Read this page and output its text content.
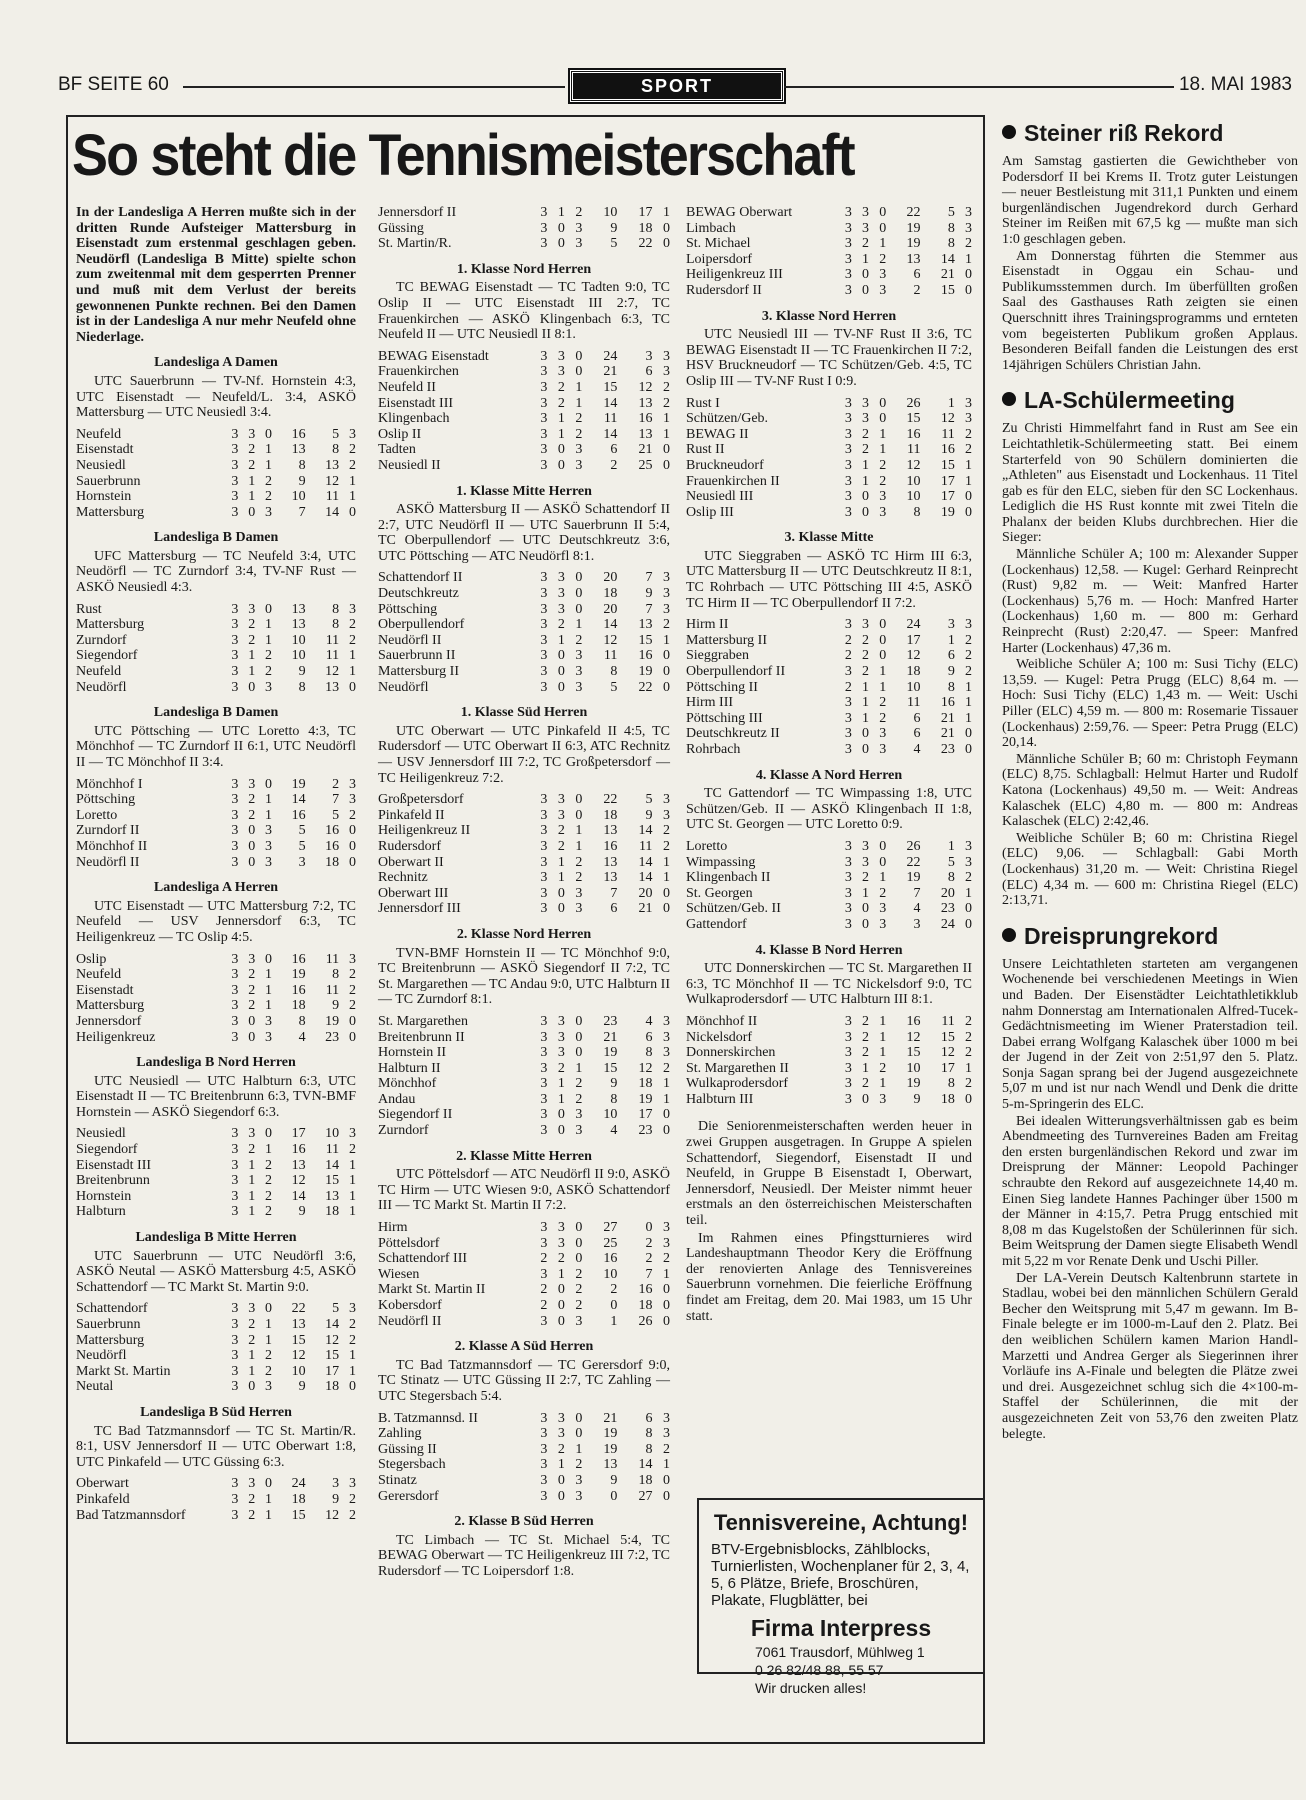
BF SEITE 60	SPORT	18. MAI 1983
So steht die Tennismeisterschaft

In der Landesliga A Herren mußte sich in der dritten Runde Aufsteiger Mattersburg in Eisenstadt zum erstenmal geschlagen geben. Neudörfl (Landesliga B Mitte) spielte schon zum zweitenmal mit dem gesperrten Prenner und muß mit dem Verlust der bereits gewonnenen Punkte rechnen. Bei den Damen ist in der Landesliga A nur mehr Neufeld ohne Niederlage.

Landesliga A Damen

UTC Sauerbrunn — TV-Nf. Hornstein 4:3, UTC Eisenstadt — Neufeld/L. 3:4, ASKÖ Mattersburg — UTC Neusiedl 3:4.

Neufeld	3	3	0	16	5	3
Eisenstadt	3	2	1	13	8	2
Neusiedl	3	2	1	8	13	2
Sauerbrunn	3	1	2	9	12	1
Hornstein	3	1	2	10	11	1
Mattersburg	3	0	3	7	14	0
Landesliga B Damen

UFC Mattersburg — TC Neufeld 3:4, UTC Neudörfl — TC Zurndorf 3:4, TV-NF Rust — ASKÖ Neusiedl 4:3.

Rust	3	3	0	13	8	3
Mattersburg	3	2	1	13	8	2
Zurndorf	3	2	1	10	11	2
Siegendorf	3	1	2	10	11	1
Neufeld	3	1	2	9	12	1
Neudörfl	3	0	3	8	13	0
Landesliga B Damen

UTC Pöttsching — UTC Loretto 4:3, TC Mönchhof — TC Zurndorf II 6:1, UTC Neudörfl II — TC Mönchhof II 3:4.

Mönchhof I	3	3	0	19	2	3
Pöttsching	3	2	1	14	7	3
Loretto	3	2	1	16	5	2
Zurndorf II	3	0	3	5	16	0
Mönchhof II	3	0	3	5	16	0
Neudörfl II	3	0	3	3	18	0
Landesliga A Herren

UTC Eisenstadt — UTC Mattersburg 7:2, TC Neufeld — USV Jennersdorf 6:3, TC Heiligenkreuz — TC Oslip 4:5.

Oslip	3	3	0	16	11	3
Neufeld	3	2	1	19	8	2
Eisenstadt	3	2	1	16	11	2
Mattersburg	3	2	1	18	9	2
Jennersdorf	3	0	3	8	19	0
Heiligenkreuz	3	0	3	4	23	0
Landesliga B Nord Herren

UTC Neusiedl — UTC Halbturn 6:3, UTC Eisenstadt II — TC Breitenbrunn 6:3, TVN-BMF Hornstein — ASKÖ Siegendorf 6:3.

Neusiedl	3	3	0	17	10	3
Siegendorf	3	2	1	16	11	2
Eisenstadt III	3	1	2	13	14	1
Breitenbrunn	3	1	2	12	15	1
Hornstein	3	1	2	14	13	1
Halbturn	3	1	2	9	18	1
Landesliga B Mitte Herren

UTC Sauerbrunn — UTC Neudörfl 3:6, ASKÖ Neutal — ASKÖ Mattersburg 4:5, ASKÖ Schattendorf — TC Markt St. Martin 9:0.

Schattendorf	3	3	0	22	5	3
Sauerbrunn	3	2	1	13	14	2
Mattersburg	3	2	1	15	12	2
Neudörfl	3	1	2	12	15	1
Markt St. Martin	3	1	2	10	17	1
Neutal	3	0	3	9	18	0
Landesliga B Süd Herren

TC Bad Tatzmannsdorf — TC St. Martin/R. 8:1, USV Jennersdorf II — UTC Oberwart 1:8, UTC Pinkafeld — UTC Güssing 6:3.

Oberwart	3	3	0	24	3	3
Pinkafeld	3	2	1	18	9	2
Bad Tatzmannsdorf	3	2	1	15	12	2
Jennersdorf II	3	1	2	10	17	1
Güssing	3	0	3	9	18	0
St. Martin/R.	3	0	3	5	22	0
1. Klasse Nord Herren

TC BEWAG Eisenstadt — TC Tadten 9:0, TC Oslip II — UTC Eisenstadt III 2:7, TC Frauenkirchen — ASKÖ Klingenbach 6:3, TC Neufeld II — UTC Neusiedl II 8:1.

BEWAG Eisenstadt	3	3	0	24	3	3
Frauenkirchen	3	3	0	21	6	3
Neufeld II	3	2	1	15	12	2
Eisenstadt III	3	2	1	14	13	2
Klingenbach	3	1	2	11	16	1
Oslip II	3	1	2	14	13	1
Tadten	3	0	3	6	21	0
Neusiedl II	3	0	3	2	25	0
1. Klasse Mitte Herren

ASKÖ Mattersburg II — ASKÖ Schattendorf II 2:7, UTC Neudörfl II — UTC Sauerbrunn II 5:4, TC Oberpullendorf — UTC Deutschkreutz 3:6, UTC Pöttsching — ATC Neudörfl 8:1.

Schattendorf II	3	3	0	20	7	3
Deutschkreutz	3	3	0	18	9	3
Pöttsching	3	3	0	20	7	3
Oberpullendorf	3	2	1	14	13	2
Neudörfl II	3	1	2	12	15	1
Sauerbrunn II	3	0	3	11	16	0
Mattersburg II	3	0	3	8	19	0
Neudörfl	3	0	3	5	22	0
1. Klasse Süd Herren

UTC Oberwart — UTC Pinkafeld II 4:5, TC Rudersdorf — UTC Oberwart II 6:3, ATC Rechnitz — USV Jennersdorf III 7:2, TC Großpetersdorf — TC Heiligenkreuz 7:2.

Großpetersdorf	3	3	0	22	5	3
Pinkafeld II	3	3	0	18	9	3
Heiligenkreuz II	3	2	1	13	14	2
Rudersdorf	3	2	1	16	11	2
Oberwart II	3	1	2	13	14	1
Rechnitz	3	1	2	13	14	1
Oberwart III	3	0	3	7	20	0
Jennersdorf III	3	0	3	6	21	0
2. Klasse Nord Herren

TVN-BMF Hornstein II — TC Mönchhof 9:0, TC Breitenbrunn — ASKÖ Siegendorf II 7:2, TC St. Margarethen — TC Andau 9:0, UTC Halbturn II — TC Zurndorf 8:1.

St. Margarethen	3	3	0	23	4	3
Breitenbrunn II	3	3	0	21	6	3
Hornstein II	3	3	0	19	8	3
Halbturn II	3	2	1	15	12	2
Mönchhof	3	1	2	9	18	1
Andau	3	1	2	8	19	1
Siegendorf II	3	0	3	10	17	0
Zurndorf	3	0	3	4	23	0
2. Klasse Mitte Herren

UTC Pöttelsdorf — ATC Neudörfl II 9:0, ASKÖ TC Hirm — UTC Wiesen 9:0, ASKÖ Schattendorf III — TC Markt St. Martin II 7:2.

Hirm	3	3	0	27	0	3
Pöttelsdorf	3	3	0	25	2	3
Schattendorf III	2	2	0	16	2	2
Wiesen	3	1	2	10	7	1
Markt St. Martin II	2	0	2	2	16	0
Kobersdorf	2	0	2	0	18	0
Neudörfl II	3	0	3	1	26	0
2. Klasse A Süd Herren

TC Bad Tatzmannsdorf — TC Gerersdorf 9:0, TC Stinatz — UTC Güssing II 2:7, TC Zahling — UTC Stegersbach 5:4.

B. Tatzmannsd. II	3	3	0	21	6	3
Zahling	3	3	0	19	8	3
Güssing II	3	2	1	19	8	2
Stegersbach	3	1	2	13	14	1
Stinatz	3	0	3	9	18	0
Gerersdorf	3	0	3	0	27	0
2. Klasse B Süd Herren

TC Limbach — TC St. Michael 5:4, TC BEWAG Oberwart — TC Heiligenkreuz III 7:2, TC Rudersdorf — TC Loipersdorf 1:8.

BEWAG Oberwart	3	3	0	22	5	3
Limbach	3	3	0	19	8	3
St. Michael	3	2	1	19	8	2
Loipersdorf	3	1	2	13	14	1
Heiligenkreuz III	3	0	3	6	21	0
Rudersdorf II	3	0	3	2	15	0
3. Klasse Nord Herren

UTC Neusiedl III — TV-NF Rust II 3:6, TC BEWAG Eisenstadt II — TC Frauenkirchen II 7:2, HSV Bruckneudorf — TC Schützen/Geb. 4:5, TC Oslip III — TV-NF Rust I 0:9.

Rust I	3	3	0	26	1	3
Schützen/Geb.	3	3	0	15	12	3
BEWAG II	3	2	1	16	11	2
Rust II	3	2	1	11	16	2
Bruckneudorf	3	1	2	12	15	1
Frauenkirchen II	3	1	2	10	17	1
Neusiedl III	3	0	3	10	17	0
Oslip III	3	0	3	8	19	0
3. Klasse Mitte

UTC Sieggraben — ASKÖ TC Hirm III 6:3, UTC Mattersburg II — UTC Deutschkreutz II 8:1, TC Rohrbach — UTC Pöttsching III 4:5, ASKÖ TC Hirm II — TC Oberpullendorf II 7:2.

Hirm II	3	3	0	24	3	3
Mattersburg II	2	2	0	17	1	2
Sieggraben	2	2	0	12	6	2
Oberpullendorf II	3	2	1	18	9	2
Pöttsching II	2	1	1	10	8	1
Hirm III	3	1	2	11	16	1
Pöttsching III	3	1	2	6	21	1
Deutschkreutz II	3	0	3	6	21	0
Rohrbach	3	0	3	4	23	0
4. Klasse A Nord Herren

TC Gattendorf — TC Wimpassing 1:8, UTC Schützen/Geb. II — ASKÖ Klingenbach II 1:8, UTC St. Georgen — UTC Loretto 0:9.

Loretto	3	3	0	26	1	3
Wimpassing	3	3	0	22	5	3
Klingenbach II	3	2	1	19	8	2
St. Georgen	3	1	2	7	20	1
Schützen/Geb. II	3	0	3	4	23	0
Gattendorf	3	0	3	3	24	0
4. Klasse B Nord Herren

UTC Donnerskirchen — TC St. Margarethen II 6:3, TC Mönchhof II — TC Nickelsdorf 9:0, TC Wulkaprodersdorf — UTC Halbturn III 8:1.

Mönchhof II	3	2	1	16	11	2
Nickelsdorf	3	2	1	12	15	2
Donnerskirchen	3	2	1	15	12	2
St. Margarethen II	3	1	2	10	17	1
Wulkaprodersdorf	3	2	1	19	8	2
Halbturn III	3	0	3	9	18	0

Die Seniorenmeisterschaften werden heuer in zwei Gruppen ausgetragen. In Gruppe A spielen Schattendorf, Siegendorf, Eisenstadt II und Neufeld, in Gruppe B Eisenstadt I, Oberwart, Jennersdorf, Neusiedl. Der Meister nimmt heuer erstmals an den österreichischen Meisterschaften teil.

Im Rahmen eines Pfingstturnieres wird Landeshauptmann Theodor Kery die Eröffnung der renovierten Anlage des Tennisvereines Sauerbrunn vornehmen. Die feierliche Eröffnung findet am Freitag, dem 20. Mai 1983, um 15 Uhr statt.

Tennisvereine, Achtung!
BTV-Ergebnisblocks, Zählblocks, Turnierlisten, Wochenplaner für 2, 3, 4, 5, 6 Plätze, Briefe, Broschüren, Plakate, Flugblätter, bei
Firma Interpress
7061 Trausdorf, Mühlweg 1
0 26 82/48 88, 55 57
Wir drucken alles!
Steiner riß Rekord

Am Samstag gastierten die Gewichtheber von Podersdorf II bei Krems II. Trotz guter Leistungen — neuer Bestleistung mit 311,1 Punkten und einem burgenländischen Jugendrekord durch Gerhard Steiner im Reißen mit 67,5 kg — mußte man sich 1:0 geschlagen geben.

Am Donnerstag führten die Stemmer aus Eisenstadt in Oggau ein Schau- und Publikumsstemmen durch. Im überfüllten großen Saal des Gasthauses Rath zeigten sie einen Querschnitt ihres Trainingsprogramms und ernteten vom begeisterten Publikum großen Applaus. Besonderen Beifall fanden die Leistungen des erst 14jährigen Schülers Christian Jahn.

LA-Schülermeeting

Zu Christi Himmelfahrt fand in Rust am See ein Leichtathletik-Schülermeeting statt. Bei einem Starterfeld von 90 Schülern dominierten die „Athleten" aus Eisenstadt und Lockenhaus. 11 Titel gab es für den ELC, sieben für den SC Lockenhaus. Lediglich die HS Rust konnte mit zwei Titeln die Phalanx der beiden Klubs durchbrechen. Hier die Sieger:

Männliche Schüler A; 100 m: Alexander Supper (Lockenhaus) 12,58. — Kugel: Gerhard Reinprecht (Rust) 9,82 m. — Weit: Manfred Harter (Lockenhaus) 5,76 m. — Hoch: Manfred Harter (Lockenhaus) 1,60 m. — 800 m: Gerhard Reinprecht (Rust) 2:20,47. — Speer: Manfred Harter (Lockenhaus) 47,36 m.

Weibliche Schüler A; 100 m: Susi Tichy (ELC) 13,59. — Kugel: Petra Prugg (ELC) 8,64 m. — Hoch: Susi Tichy (ELC) 1,43 m. — Weit: Uschi Piller (ELC) 4,59 m. — 800 m: Rosemarie Tissauer (Lockenhaus) 2:59,76. — Speer: Petra Prugg (ELC) 20,14.

Männliche Schüler B; 60 m: Christoph Feymann (ELC) 8,75. Schlagball: Helmut Harter und Rudolf Katona (Lockenhaus) 49,50 m. — Weit: Andreas Kalaschek (ELC) 4,80 m. — 800 m: Andreas Kalaschek (ELC) 2:42,46.

Weibliche Schüler B; 60 m: Christina Riegel (ELC) 9,06. — Schlagball: Gabi Morth (Lockenhaus) 31,20 m. — Weit: Christina Riegel (ELC) 4,34 m. — 600 m: Christina Riegel (ELC) 2:13,71.

Dreisprungrekord

Unsere Leichtathleten starteten am vergangenen Wochenende bei verschiedenen Meetings in Wien und Baden. Der Eisenstädter Leichtathletikklub nahm Donnerstag am Internationalen Alfred-Tucek-Gedächtnismeeting im Wiener Praterstadion teil. Dabei errang Wolfgang Kalaschek über 1000 m bei der Jugend in der Zeit von 2:51,97 den 5. Platz. Sonja Sagan sprang bei der Jugend ausgezeichnete 5,07 m und ist nur nach Wendl und Denk die dritte 5-m-Springerin des ELC.

Bei idealen Witterungsverhältnissen gab es beim Abendmeeting des Turnvereines Baden am Freitag den ersten burgenländischen Rekord und zwar im Dreisprung der Männer: Leopold Pachinger schraubte den Rekord auf ausgezeichnete 14,40 m. Einen Sieg landete Hannes Pachinger über 1500 m der Männer in 4:15,7. Petra Prugg entschied mit 8,08 m das Kugelstoßen der Schülerinnen für sich. Beim Weitsprung der Damen siegte Elisabeth Wendl mit 5,22 m vor Renate Denk und Uschi Piller.

Der LA-Verein Deutsch Kaltenbrunn startete in Stadlau, wobei bei den männlichen Schülern Gerald Becher den Weitsprung mit 5,47 m gewann. Im B-Finale belegte er im 1000-m-Lauf den 2. Platz. Bei den weiblichen Schülern kamen Marion Handl-Marzetti und Andrea Gerger als Siegerinnen ihrer Vorläufe ins A-Finale und belegten die Plätze zwei und drei. Ausgezeichnet schlug sich die 4×100-m-Staffel der Schülerinnen, die mit der ausgezeichneten Zeit von 53,76 den zweiten Platz belegte.
